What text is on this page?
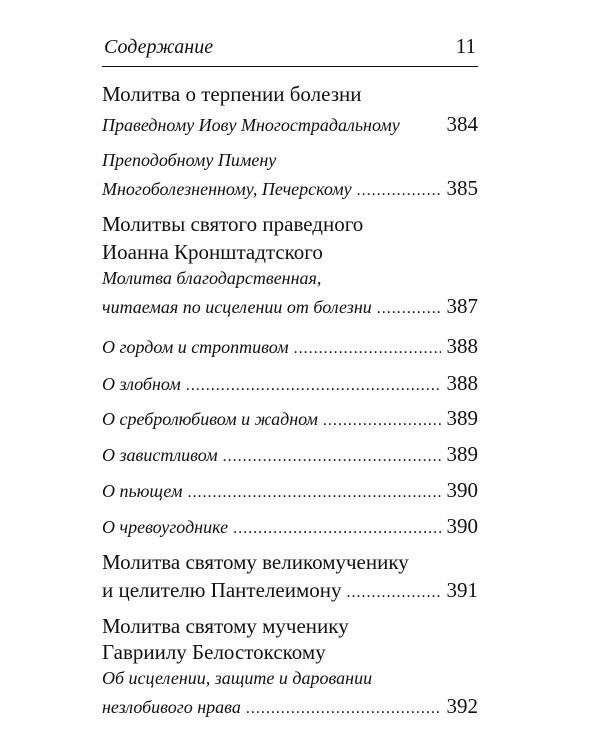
Содержание	11
Молитва о терпении болезни
Праведному Иову Многострадальному 384
Преподобному Пимену
Многоболезненному, Печерскому .....	385
Молитвы святого праведного
Иоанна Кронштадтского
Молитва благодарственная,
читаемая по исцелении от болезни .....	387
О гордом и строптивом .....	388
О злобном .....	388
О сребролюбивом и жадном .....	389
О завистливом .....	389
О пьющем .....	390
О чревоугоднике .....	390
Молитва святому великомученику
и целителю Пантелеимону .....	391
Молитва святому мученику
Гавриилу Белостокскому
Об исцелении, защите и даровании
незлобивого нрава .....	392
